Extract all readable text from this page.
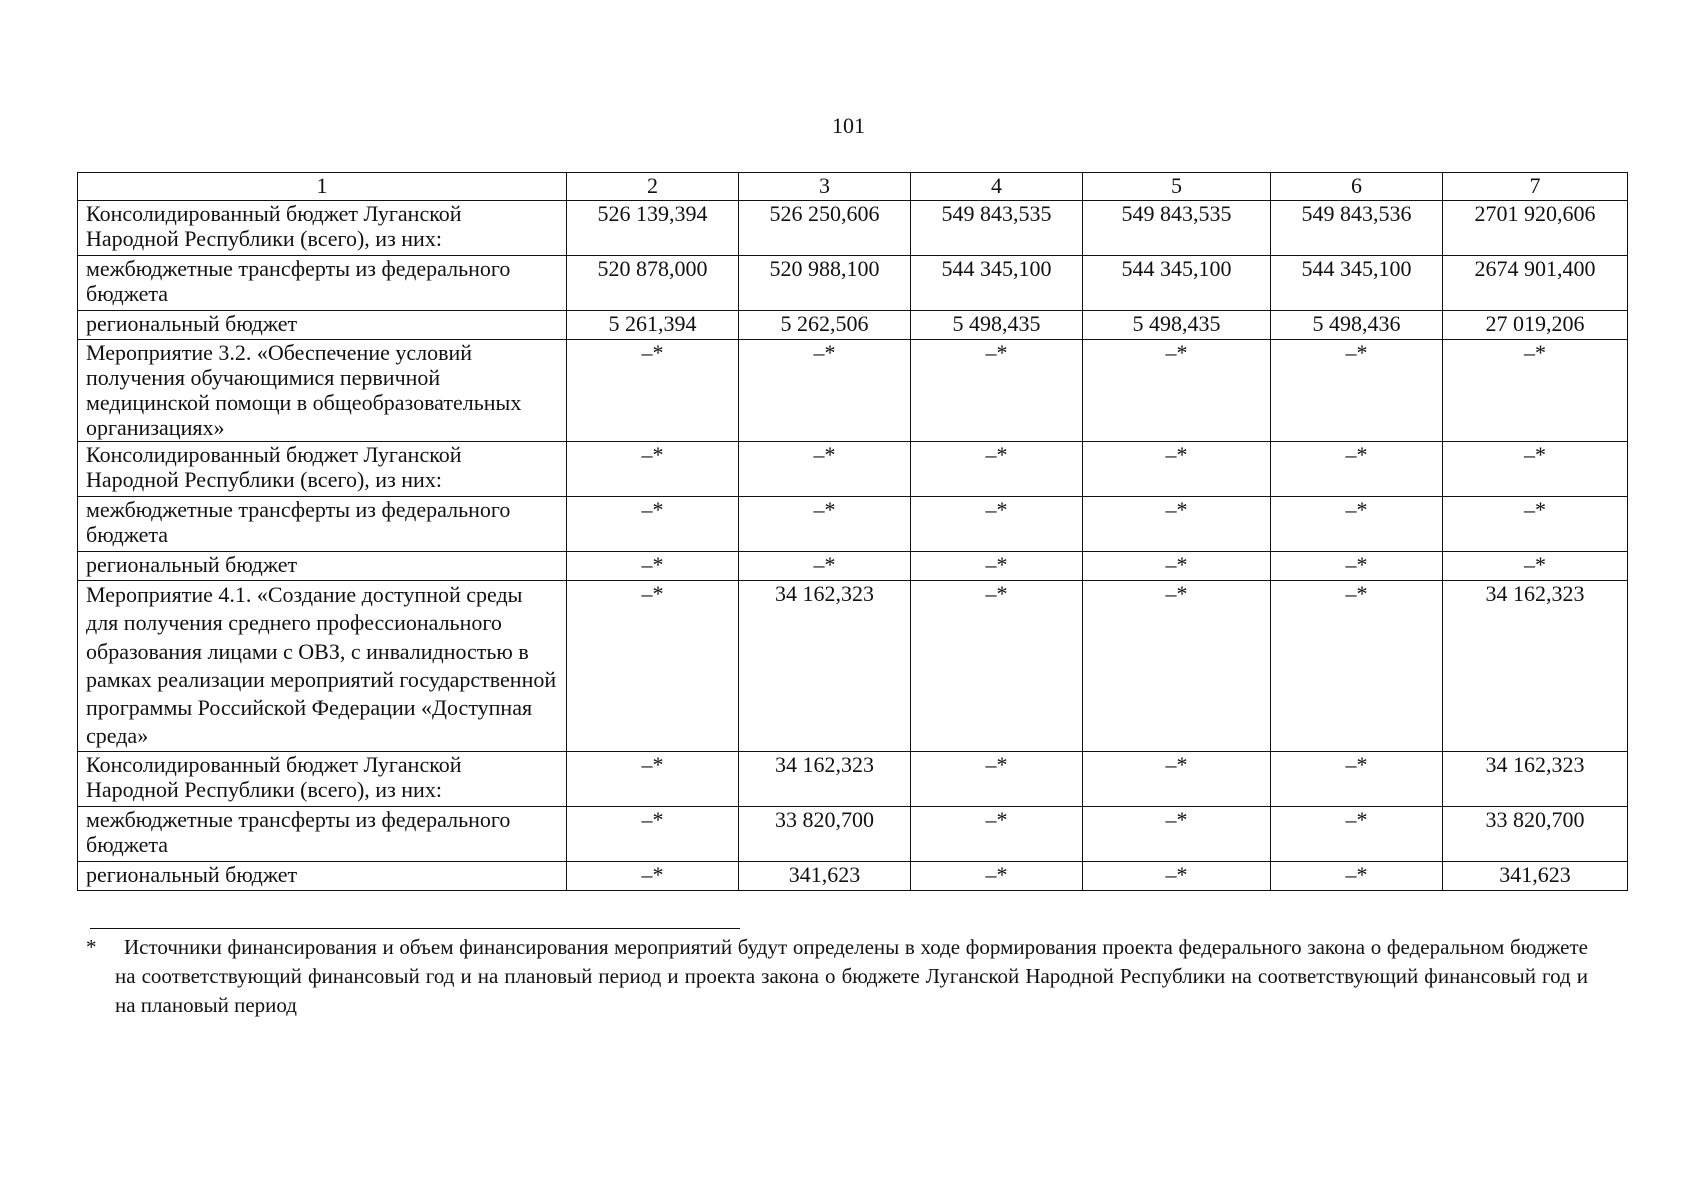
101
1	2	3	4	5	6	7
Консолидированный бюджет Луганской Народной Республики (всего), из них:	526 139,394	526 250,606	549 843,535	549 843,535	549 843,536	2701 920,606
межбюджетные трансферты из федерального бюджета	520 878,000	520 988,100	544 345,100	544 345,100	544 345,100	2674 901,400
региональный бюджет	5 261,394	5 262,506	5 498,435	5 498,435	5 498,436	27 019,206
Мероприятие 3.2. «Обеспечение условий получения обучающимися первичной медицинской помощи в общеобразовательных организациях»	–*	–*	–*	–*	–*	–*
Консолидированный бюджет Луганской Народной Республики (всего), из них:	–*	–*	–*	–*	–*	–*
межбюджетные трансферты из федерального бюджета	–*	–*	–*	–*	–*	–*
региональный бюджет	–*	–*	–*	–*	–*	–*
Мероприятие 4.1. «Создание доступной среды для получения среднего профессионального образования лицами с ОВЗ, с инвалидностью в рамках реализации мероприятий государственной программы Российской Федерации «Доступная среда»	–*	34 162,323	–*	–*	–*	34 162,323
Консолидированный бюджет Луганской Народной Республики (всего), из них:	–*	34 162,323	–*	–*	–*	34 162,323
межбюджетные трансферты из федерального бюджета	–*	33 820,700	–*	–*	–*	33 820,700
региональный бюджет	–*	341,623	–*	–*	–*	341,623
*	Источники финансирования и объем финансирования мероприятий будут определены в ходе формирования проекта федерального закона о федеральном бюджете на соответствующий финансовый год и на плановый период и проекта закона о бюджете Луганской Народной Республики на соответствующий финансовый год и на плановый период
